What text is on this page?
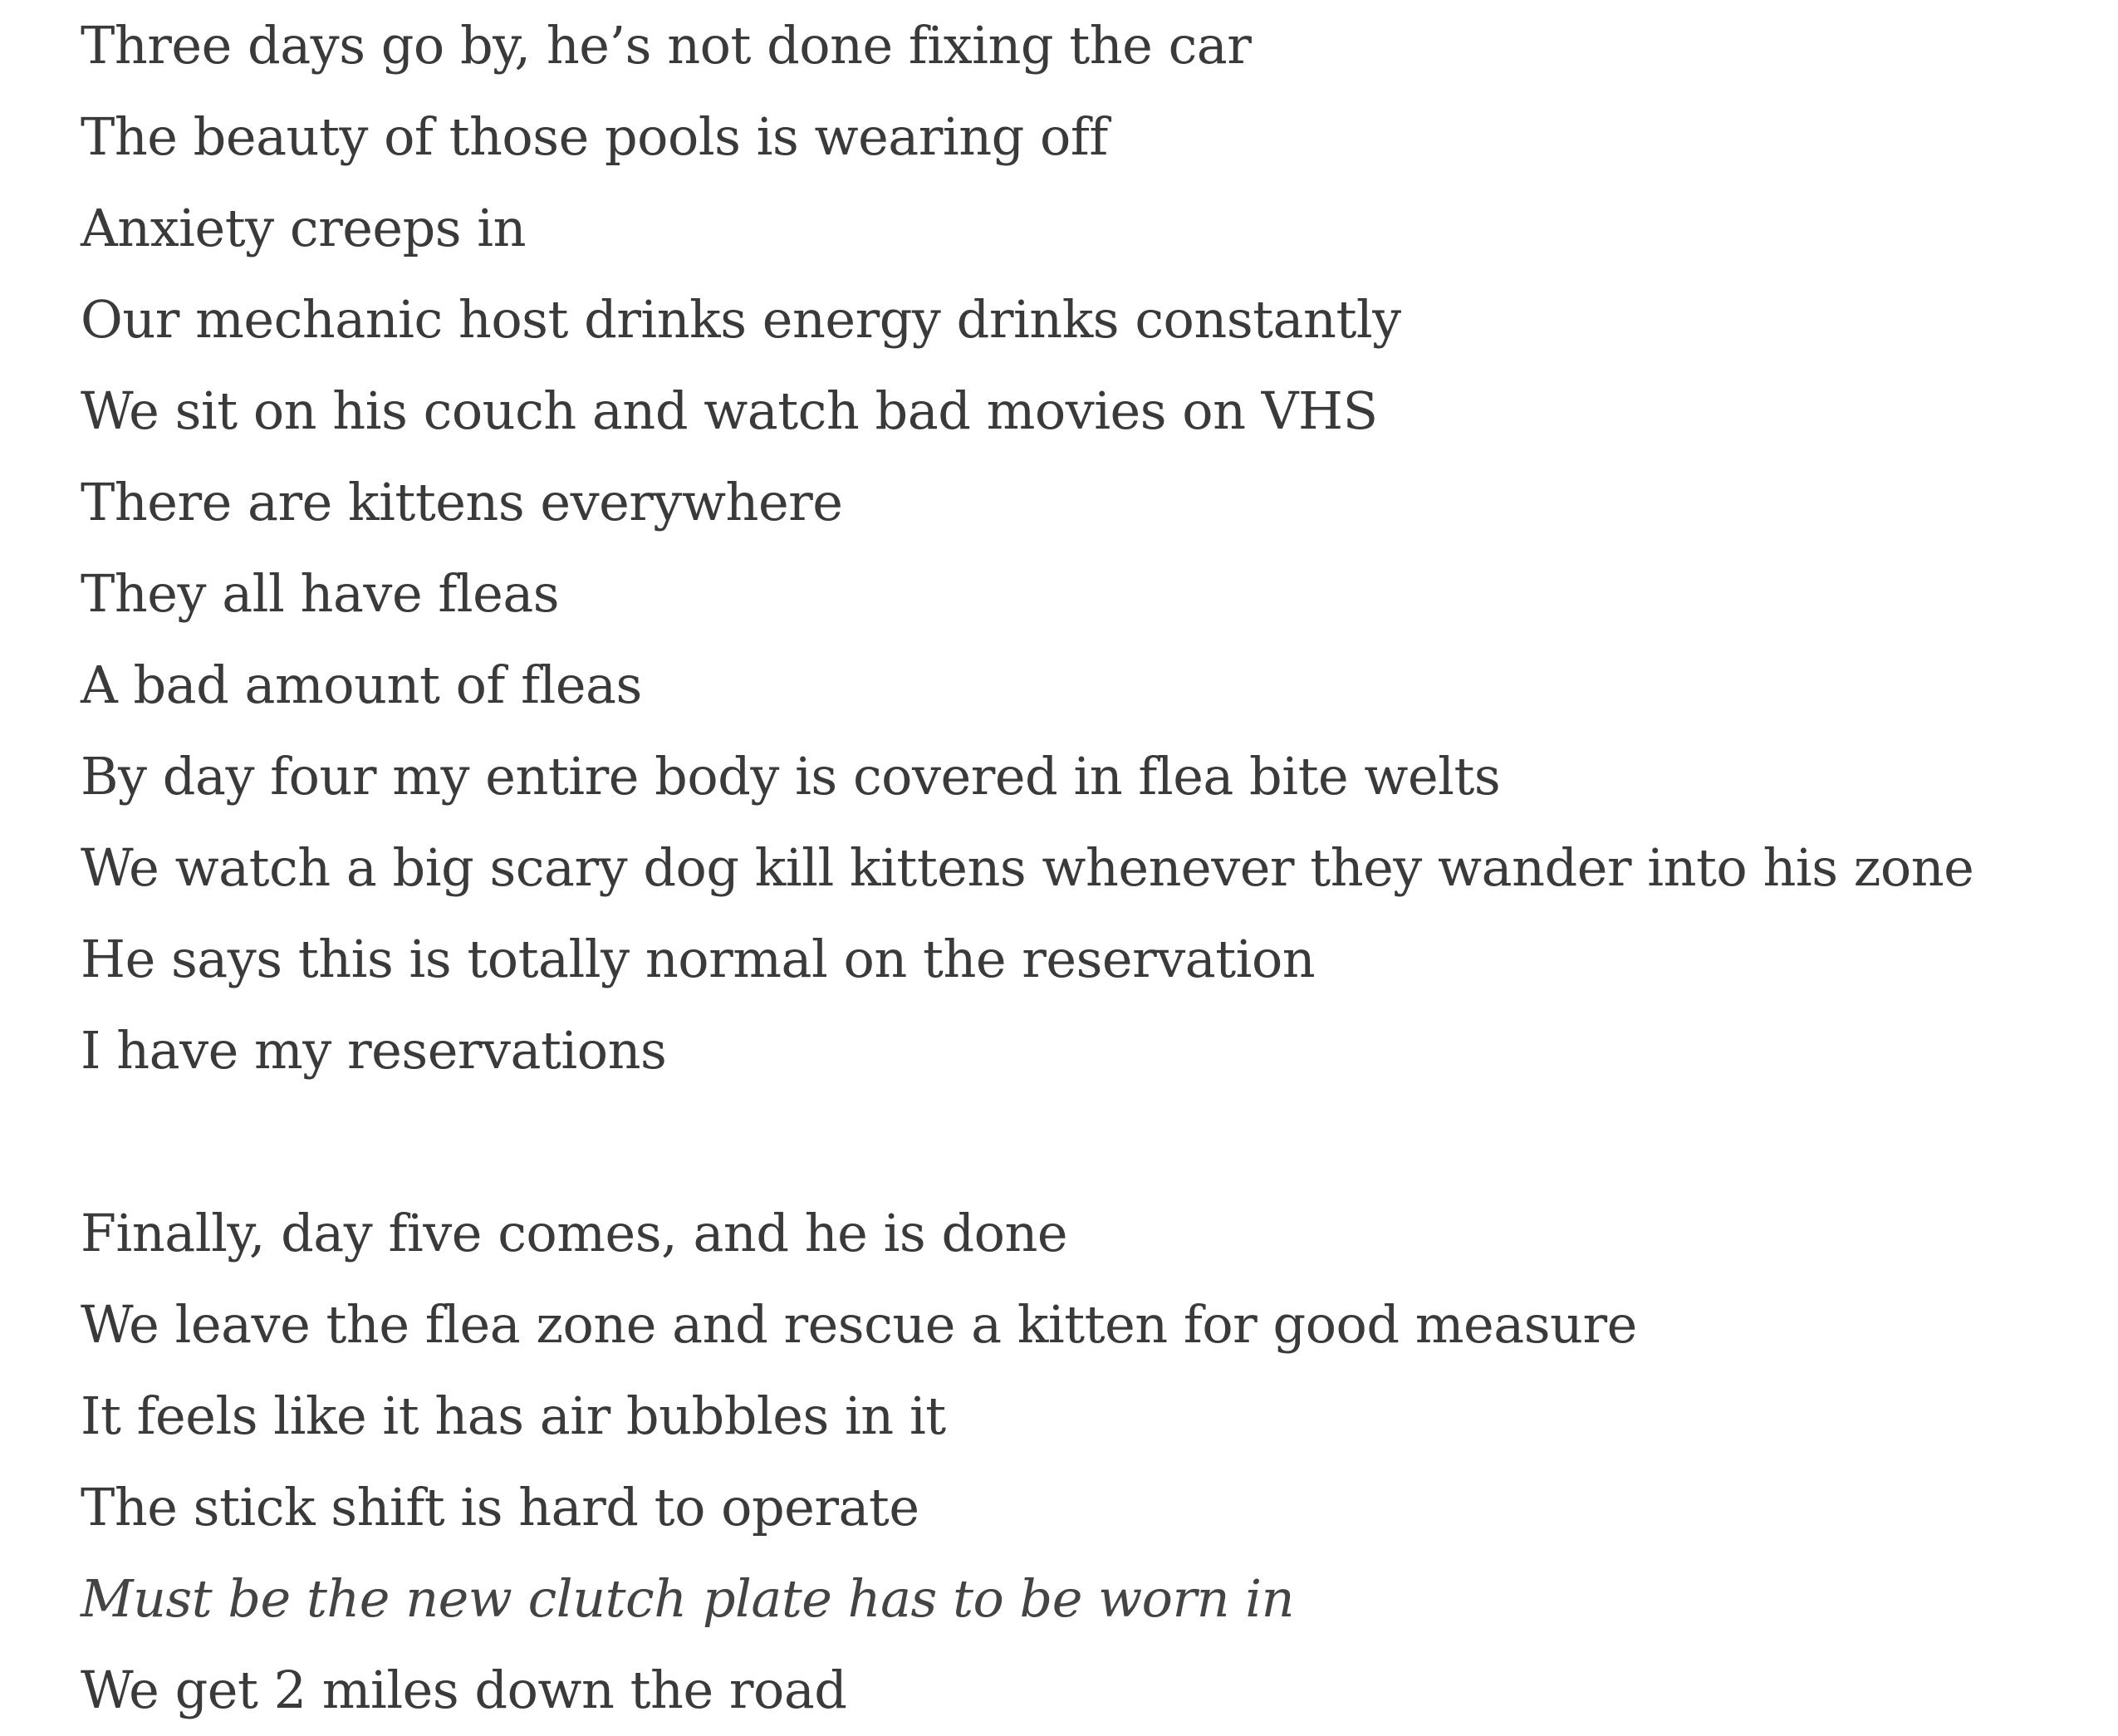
Three days go by, he’s not done fixing the car
The beauty of those pools is wearing off
Anxiety creeps in
Our mechanic host drinks energy drinks constantly
We sit on his couch and watch bad movies on VHS
There are kittens everywhere
They all have fleas
A bad amount of fleas
By day four my entire body is covered in flea bite welts
We watch a big scary dog kill kittens whenever they wander into his zone
He says this is totally normal on the reservation
I have my reservations
Finally, day five comes, and he is done
We leave the flea zone and rescue a kitten for good measure
It feels like it has air bubbles in it
The stick shift is hard to operate
Must be the new clutch plate has to be worn in
We get 2 miles down the road
